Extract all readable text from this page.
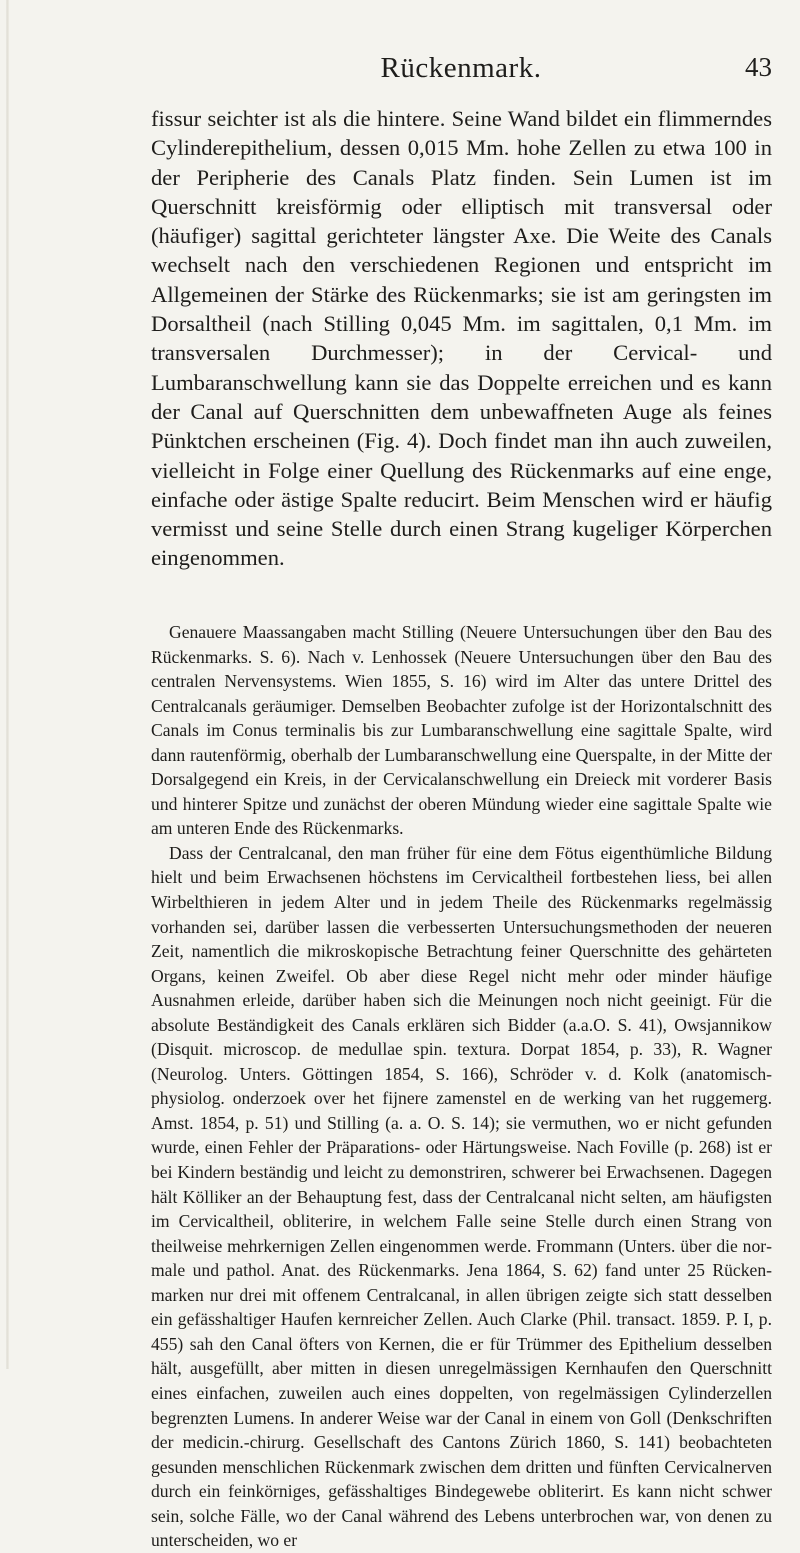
Rückenmark.	43

fissur seichter ist als die hintere. Seine Wand bildet ein flimmerndes Cylinderepithelium, dessen 0,015 Mm. hohe Zellen zu etwa 100 in der Peripherie des Canals Platz finden. Sein Lumen ist im Querschnitt kreisförmig oder elliptisch mit transversal oder (häufiger) sagittal gerichteter längster Axe. Die Weite des Canals wechselt nach den verschiedenen Regionen und entspricht im Allgemeinen der Stärke des Rückenmarks; sie ist am geringsten im Dorsaltheil (nach Stilling 0,045 Mm. im sagittalen, 0,1 Mm. im transversalen Durchmesser); in der Cervical- und Lumbaranschwellung kann sie das Doppelte erreichen und es kann der Canal auf Querschnitten dem unbewaffneten Auge als feines Pünktchen erscheinen (Fig. 4). Doch findet man ihn auch zuweilen, vielleicht in Folge einer Quellung des Rückenmarks auf eine enge, einfache oder ästige Spalte reducirt. Beim Menschen wird er häufig vermisst und seine Stelle durch einen Strang kugeliger Körperchen eingenommen.

Genauere Maassangaben macht Stilling (Neuere Untersuchungen über den Bau des Rückenmarks. S. 6). Nach v. Lenhossek (Neuere Untersuchungen über den Bau des centralen Nervensystems. Wien 1855, S. 16) wird im Alter das untere Drittel des Centralcanals geräumiger. Demselben Beobachter zufolge ist der Horizontalschnitt des Canals im Conus terminalis bis zur Lumbaranschwellung eine sagittale Spalte, wird dann rautenförmig, oberhalb der Lumbaranschwellung eine Querspalte, in der Mitte der Dorsalgegend ein Kreis, in der Cervicalanschwellung ein Dreieck mit vorderer Basis und hinterer Spitze und zunächst der oberen Mündung wieder eine sagittale Spalte wie am unteren Ende des Rückenmarks.

Dass der Centralcanal, den man früher für eine dem Fötus eigenthümliche Bildung hielt und beim Erwachsenen höchstens im Cervicaltheil fortbestehen liess, bei allen Wirbelthieren in jedem Alter und in jedem Theile des Rückenmarks regelmässig vorhanden sei, darüber lassen die verbesserten Untersuchungsmethoden der neueren Zeit, namentlich die mikroskopische Betrachtung feiner Querschnitte des gehärteten Organs, keinen Zweifel. Ob aber diese Regel nicht mehr oder minder häufige Ausnahmen erleide, darüber haben sich die Meinungen noch nicht geeinigt. Für die absolute Beständigkeit des Canals erklären sich Bidder (a.a.O. S. 41), Owsjannikow (Disquit. microscop. de medullae spin. textura. Dorpat 1854, p. 33), R. Wagner (Neurolog. Unters. Göttingen 1854, S. 166), Schröder v. d. Kolk (anatomisch-physiolog. onderzoek over het fijnere zamenstel en de werking van het ruggemerg. Amst. 1854, p. 51) und Stilling (a. a. O. S. 14); sie vermuthen, wo er nicht gefunden wurde, einen Fehler der Präparations- oder Härtungsweise. Nach Foville (p. 268) ist er bei Kindern beständig und leicht zu demonstriren, schwerer bei Erwachsenen. Dagegen hält Kölliker an der Behauptung fest, dass der Centralcanal nicht selten, am häufigsten im Cervicaltheil, obliterire, in welchem Falle seine Stelle durch einen Strang von theilweise mehrkernigen Zellen eingenommen werde. Frommann (Unters. über die normale und pathol. Anat. des Rückenmarks. Jena 1864, S. 62) fand unter 25 Rückenmarken nur drei mit offenem Centralcanal, in allen übrigen zeigte sich statt desselben ein gefässhaltiger Haufen kernreicher Zellen. Auch Clarke (Phil. transact. 1859. P. I, p. 455) sah den Canal öfters von Kernen, die er für Trümmer des Epithelium desselben hält, ausgefüllt, aber mitten in diesen unregelmässigen Kernhaufen den Querschnitt eines einfachen, zuweilen auch eines doppelten, von regelmässigen Cylinderzellen begrenzten Lumens. In anderer Weise war der Canal in einem von Goll (Denkschriften der medicin.-chirurg. Gesellschaft des Cantons Zürich 1860, S. 141) beobachteten gesunden menschlichen Rückenmark zwischen dem dritten und fünften Cervicalnerven durch ein feinkörniges, gefässhaltiges Bindegewebe obliterirt. Es kann nicht schwer sein, solche Fälle, wo der Canal während des Lebens unterbrochen war, von denen zu unterscheiden, wo er
